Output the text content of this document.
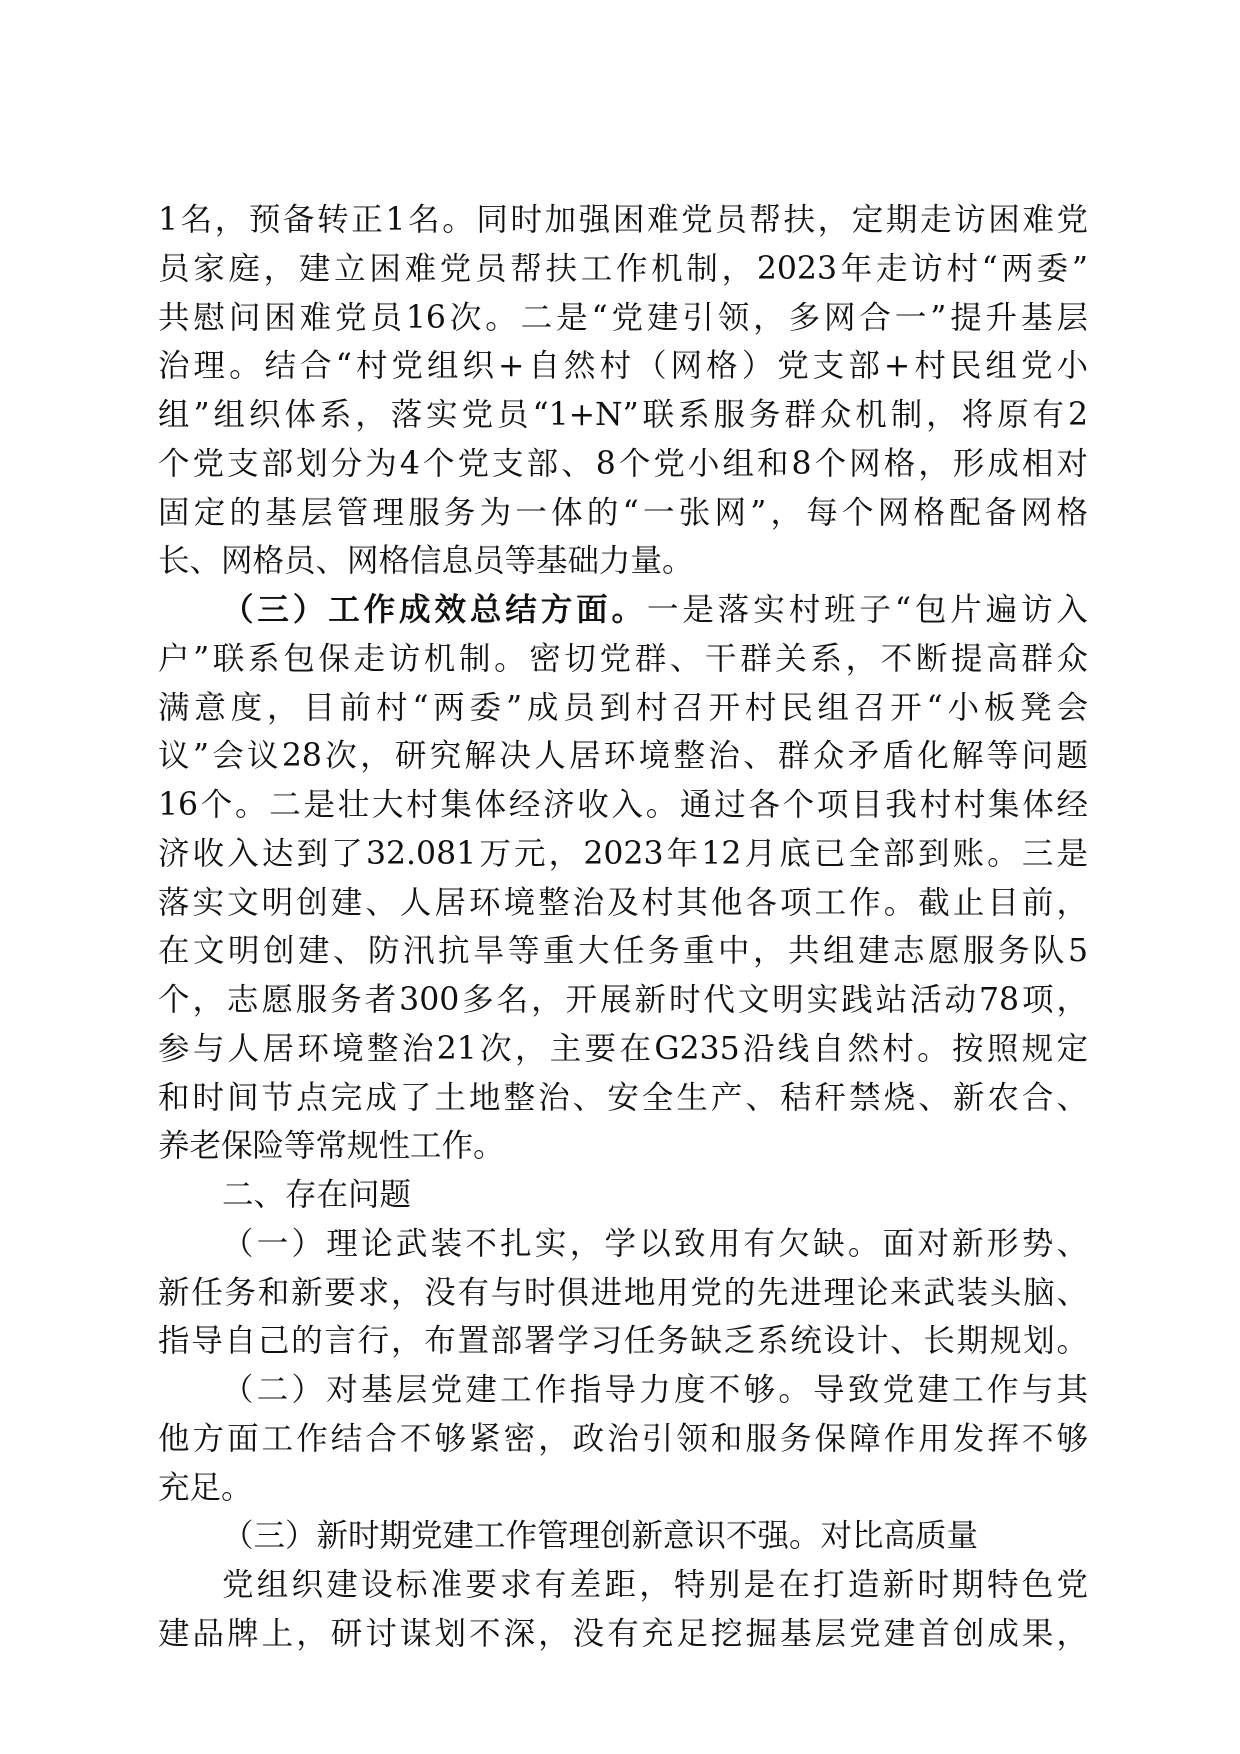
1名，预备转正1名。同时加强困难党员帮扶，定期走访困难党
员家庭，建立困难党员帮扶工作机制，2023年走访村“两委”
共慰问困难党员16次。二是“党建引领，多网合一”提升基层
治理。结合“村党组织+自然村（网格）党支部+村民组党小
组”组织体系，落实党员“1+N”联系服务群众机制，将原有2
个党支部划分为4个党支部、8个党小组和8个网格，形成相对
固定的基层管理服务为一体的“一张网”，每个网格配备网格
长、网格员、网格信息员等基础力量。
（三）工作成效总结方面。一是落实村班子“包片遍访入
户”联系包保走访机制。密切党群、干群关系，不断提高群众
满意度，目前村“两委”成员到村召开村民组召开“小板凳会
议”会议28次，研究解决人居环境整治、群众矛盾化解等问题
16个。二是壮大村集体经济收入。通过各个项目我村村集体经
济收入达到了32.081万元，2023年12月底已全部到账。三是
落实文明创建、人居环境整治及村其他各项工作。截止目前，
在文明创建、防汛抗旱等重大任务重中，共组建志愿服务队5
个，志愿服务者300多名，开展新时代文明实践站活动78项，
参与人居环境整治21次，主要在G235沿线自然村。按照规定
和时间节点完成了土地整治、安全生产、秸秆禁烧、新农合、
养老保险等常规性工作。
二、存在问题
（一）理论武装不扎实，学以致用有欠缺。面对新形势、
新任务和新要求，没有与时俱进地用党的先进理论来武装头脑、
指导自己的言行，布置部署学习任务缺乏系统设计、长期规划。
（二）对基层党建工作指导力度不够。导致党建工作与其
他方面工作结合不够紧密，政治引领和服务保障作用发挥不够
充足。
（三）新时期党建工作管理创新意识不强。对比高质量
党组织建设标准要求有差距，特别是在打造新时期特色党
建品牌上，研讨谋划不深，没有充足挖掘基层党建首创成果，
